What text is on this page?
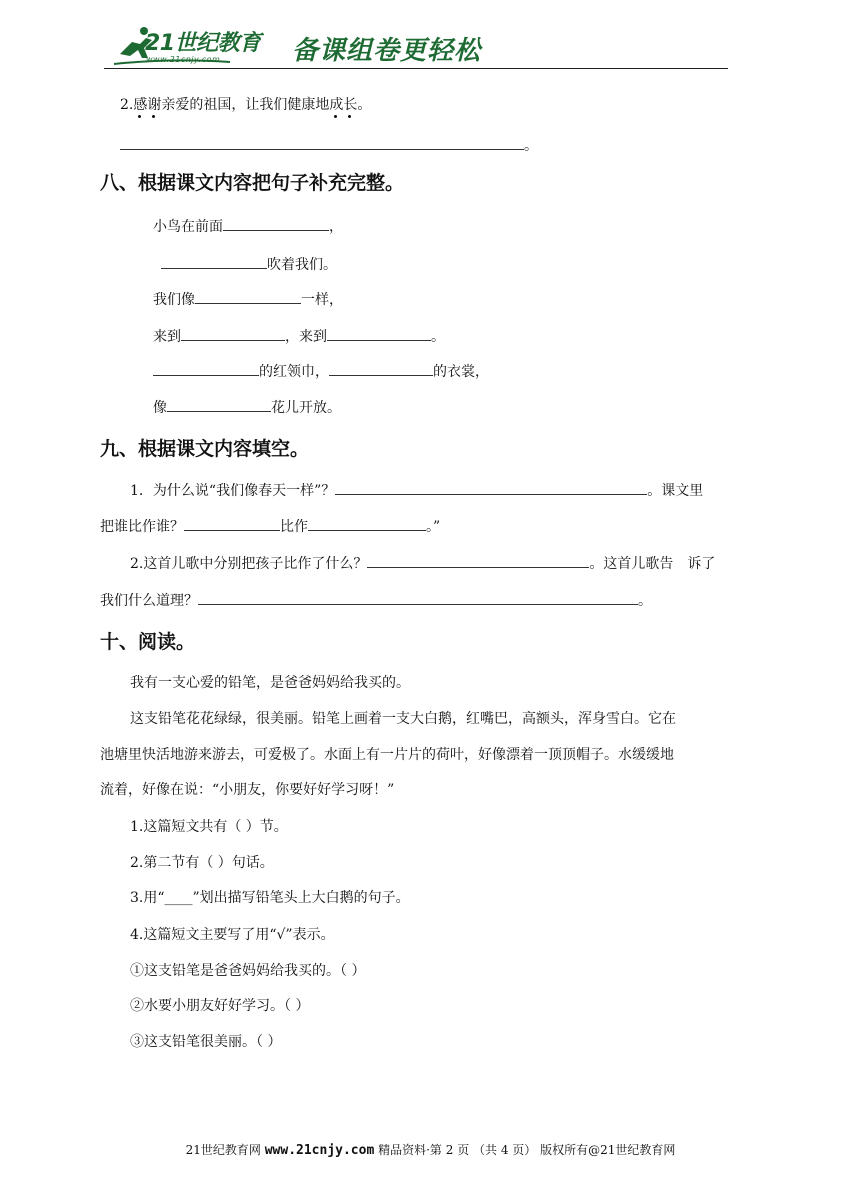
21世纪教育
www.21cnjy.com	备课组卷更轻松
2.感谢
亲爱的祖国，让我们健康地成长
。
。
八、根据课文内容把句子补充完整。
小鸟在前面	，
吹着我们。
我们像	一样，
来到	，来到	。
的红领巾，	的衣裳，
像	花儿开放。
九、根据课文内容填空。
1．为什么说“我们像春天一样”？	。课文里
把谁比作谁？	比作	。”
2.这首儿歌中分别把孩子比作了什么？	。这首儿歌告　诉了
我们什么道理？	。
十、阅读。
我有一支心爱的铅笔，是爸爸妈妈给我买的。
这支铅笔花花绿绿，很美丽。铅笔上画着一支大白鹅，红嘴巴，高额头，浑身雪白。它在
池塘里快活地游来游去，可爱极了。水面上有一片片的荷叶，好像漂着一顶顶帽子。水缓缓地
流着，好像在说：“小朋友，你要好好学习呀！”
1.这篇短文共有（ ）节。
2.第二节有（ ）句话。
3.用“____”划出描写铅笔头上大白鹅的句子。
4.这篇短文主要写了用“√”表示。
①这支铅笔是爸爸妈妈给我买的。（ ）
②水要小朋友好好学习。（ ）
③这支铅笔很美丽。（ ）
21世纪教育网 www.21cnjy.com 精品资料·第 2 页 （共 4 页） 版权所有@21世纪教育网
